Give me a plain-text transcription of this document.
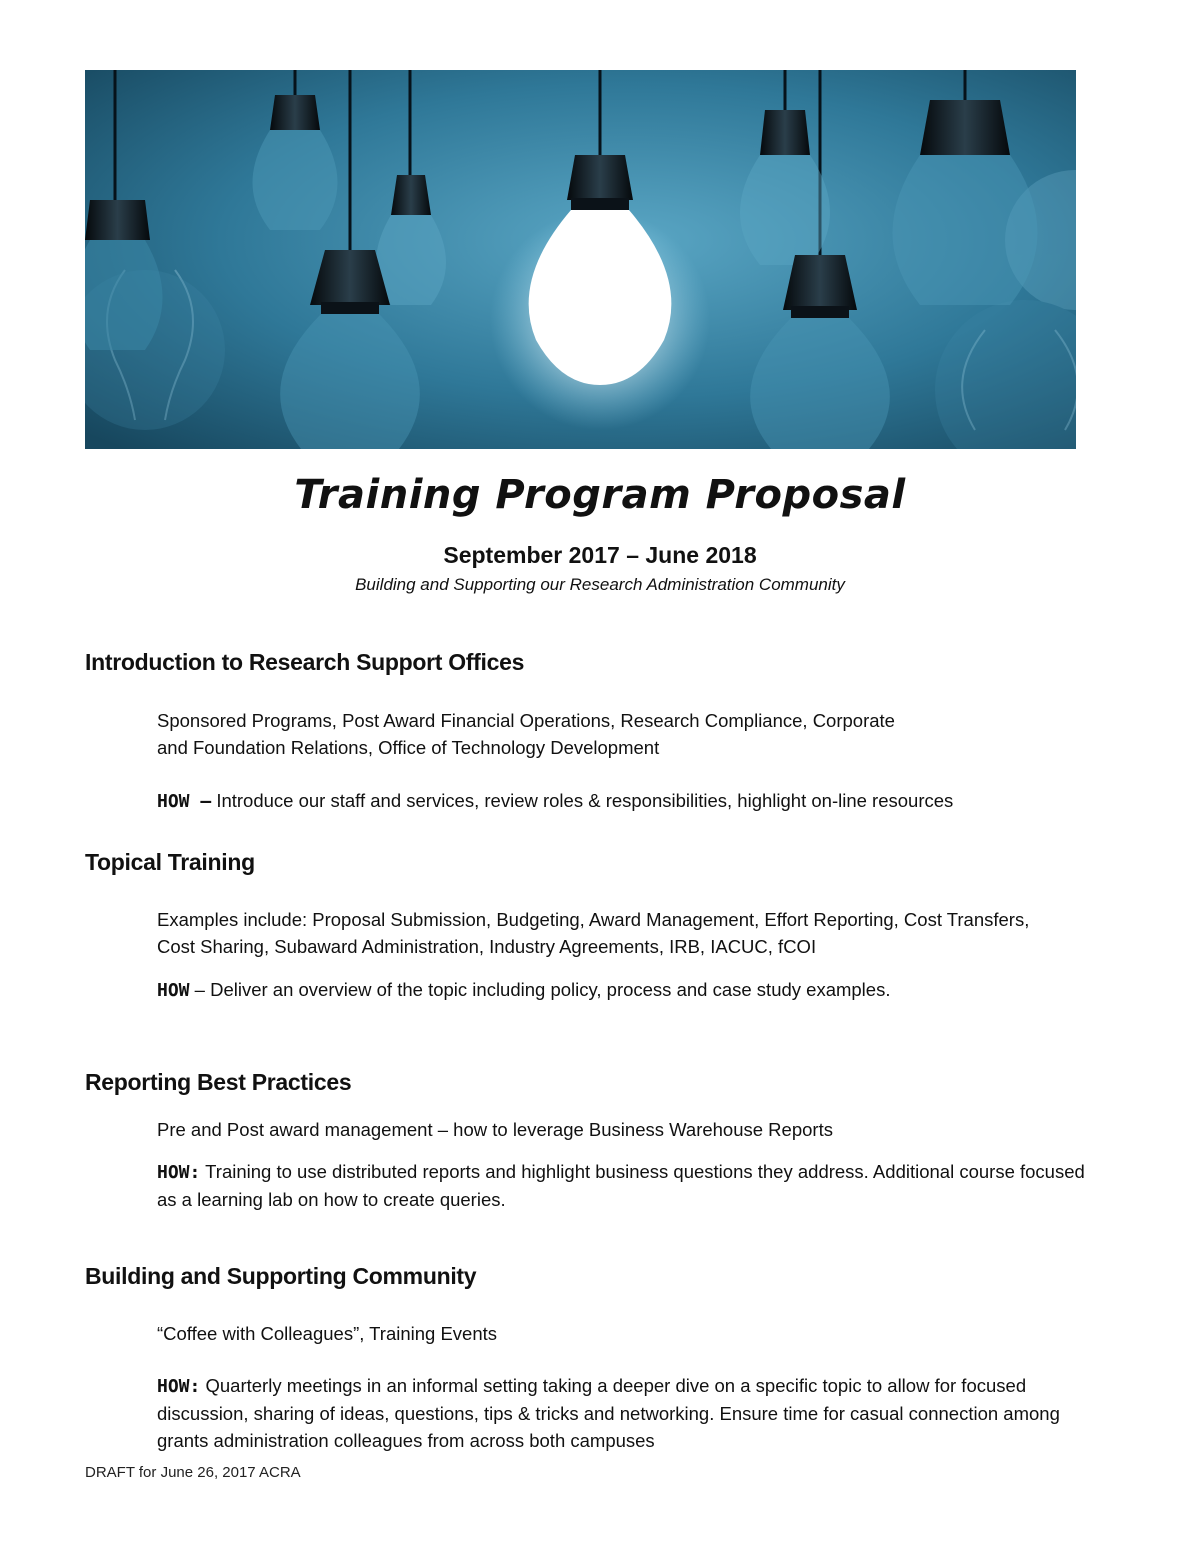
Training Program Proposal
September 2017 – June 2018
Building and Supporting our Research Administration Community
Introduction to Research Support Offices

Sponsored Programs, Post Award Financial Operations, Research Compliance, Corporate and Foundation Relations, Office of Technology Development

HOW – Introduce our staff and services, review roles & responsibilities, highlight on-line resources

Topical Training

Examples include: Proposal Submission, Budgeting, Award Management, Effort Reporting, Cost Transfers, Cost Sharing, Subaward Administration, Industry Agreements, IRB, IACUC, fCOI

HOW – Deliver an overview of the topic including policy, process and case study examples.

Reporting Best Practices

Pre and Post award management – how to leverage Business Warehouse Reports

HOW: Training to use distributed reports and highlight business questions they address. Additional course focused as a learning lab on how to create queries.

Building and Supporting Community

“Coffee with Colleagues”, Training Events

HOW: Quarterly meetings in an informal setting taking a deeper dive on a specific topic to allow for focused discussion, sharing of ideas, questions, tips & tricks and networking. Ensure time for casual connection among grants administration colleagues from across both campuses

DRAFT for June 26, 2017 ACRA
